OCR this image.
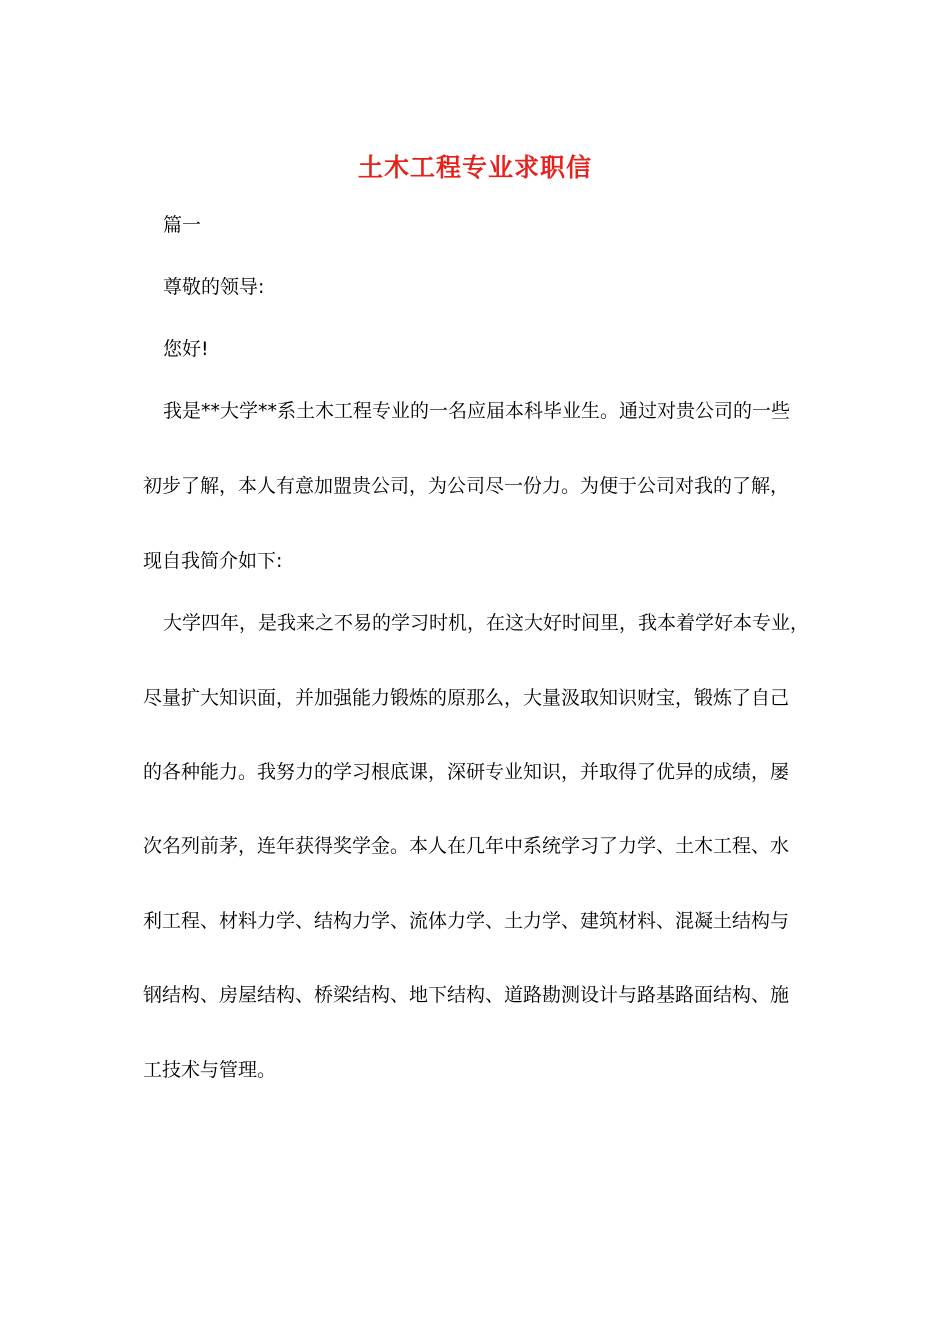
土木工程专业求职信

篇一

尊敬的领导:

您好!

我是**大学**系土木工程专业的一名应届本科毕业生。通过对贵公司的一些

初步了解，本人有意加盟贵公司，为公司尽一份力。为便于公司对我的了解，

现自我简介如下:

大学四年，是我来之不易的学习时机，在这大好时间里，我本着学好本专业，

尽量扩大知识面，并加强能力锻炼的原那么，大量汲取知识财宝，锻炼了自己

的各种能力。我努力的学习根底课，深研专业知识，并取得了优异的成绩，屡

次名列前茅，连年获得奖学金。本人在几年中系统学习了力学、土木工程、水

利工程、材料力学、结构力学、流体力学、土力学、建筑材料、混凝土结构与

钢结构、房屋结构、桥梁结构、地下结构、道路勘测设计与路基路面结构、施

工技术与管理。
